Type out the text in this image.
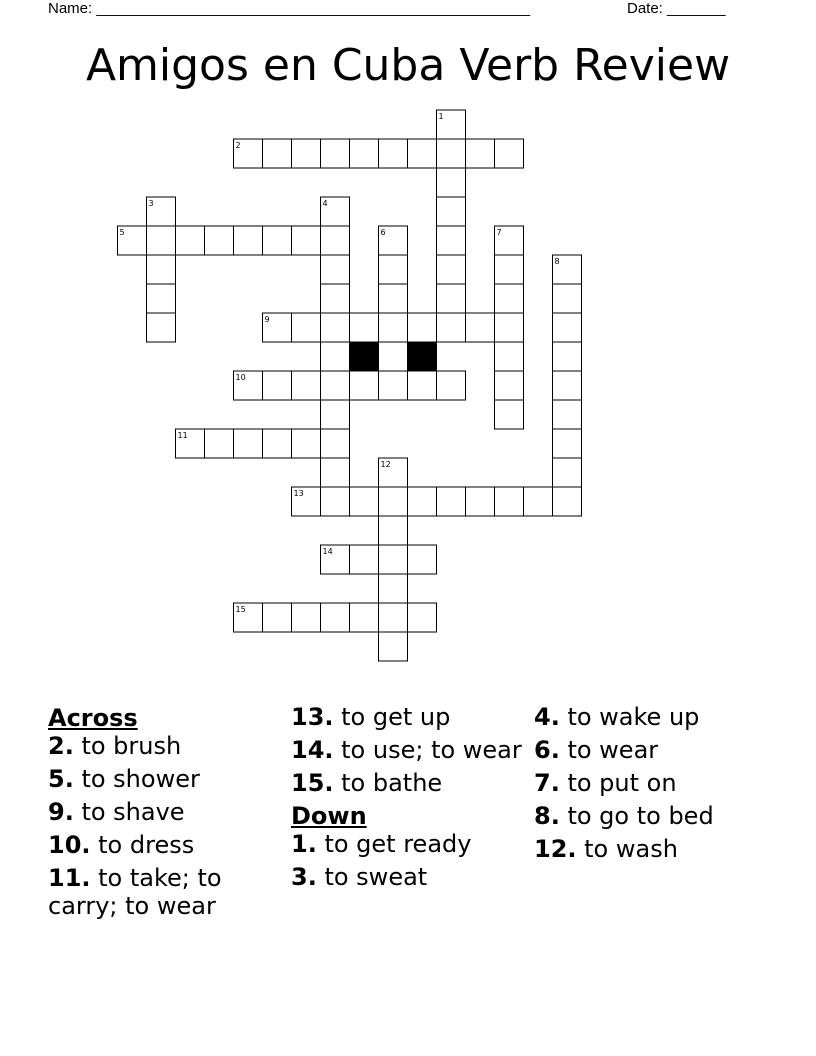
Name: ____________________________________________________	Date: _______
Amigos en Cuba Verb Review
1
2
3	4
5	6	7
8
9
10
11
12
13
14
15
Across
2. to brush
5. to shower
9. to shave
10. to dress
11. to take; to carry; to wear
13. to get up
14. to use; to wear
15. to bathe
Down
1. to get ready
3. to sweat
4. to wake up
6. to wear
7. to put on
8. to go to bed
12. to wash
